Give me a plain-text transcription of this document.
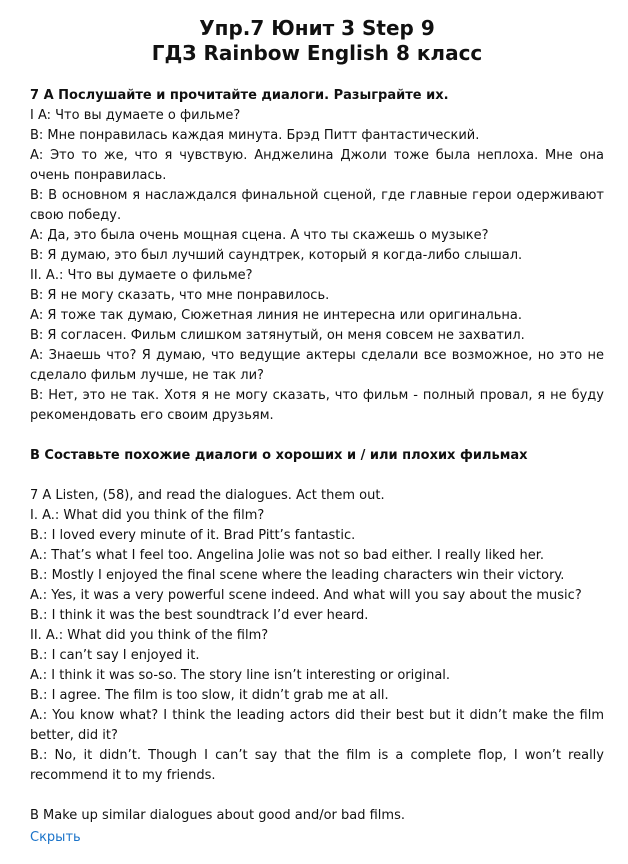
Упр.7 Юнит 3 Step 9
ГДЗ Rainbow English 8 класс

7 А Послушайте и прочитайте диалоги. Разыграйте их.

I A: Что вы думаете о фильме?

В: Мне понравилась каждая минута. Брэд Питт фантастический.

А: Это то же, что я чувствую. Анджелина Джоли тоже была неплоха. Мне она очень понравилась.

В: В основном я наслаждался финальной сценой, где главные герои одерживают свою победу.

А: Да, это была очень мощная сцена. А что ты скажешь о музыке?

В: Я думаю, это был лучший саундтрек, который я когда-либо слышал.

II. А.: Что вы думаете о фильме?

В: Я не могу сказать, что мне понравилось.

А: Я тоже так думаю, Сюжетная линия не интересна или оригинальна.

В: Я согласен. Фильм слишком затянутый, он меня совсем не захватил.

А: Знаешь что? Я думаю, что ведущие актеры сделали все возможное, но это не сделало фильм лучше, не так ли?

В: Нет, это не так. Хотя я не могу сказать, что фильм - полный провал, я не буду рекомендовать его своим друзьям.

В Составьте похожие диалоги о хороших и / или плохих фильмах

7 A Listen, (58), and read the dialogues. Act them out.

I. A.: What did you think of the film?

B.: I loved every minute of it. Brad Pitt’s fantastic.

A.: That’s what I feel too. Angelina Jolie was not so bad either. I really liked her.

B.: Mostly I enjoyed the final scene where the leading characters win their victory.

A.: Yes, it was a very powerful scene indeed. And what will you say about the music?

B.: I think it was the best soundtrack I’d ever heard.

II. A.: What did you think of the film?

B.: I can’t say I enjoyed it.

A.: I think it was so-so. The story line isn’t interesting or original.

B.: I agree. The film is too slow, it didn’t grab me at all.

A.: You know what? I think the leading actors did their best but it didn’t make the film better, did it?

B.: No, it didn’t. Though I can’t say that the film is a complete flop, I won’t really recommend it to my friends.

B Make up similar dialogues about good and/or bad films.

Скрыть
